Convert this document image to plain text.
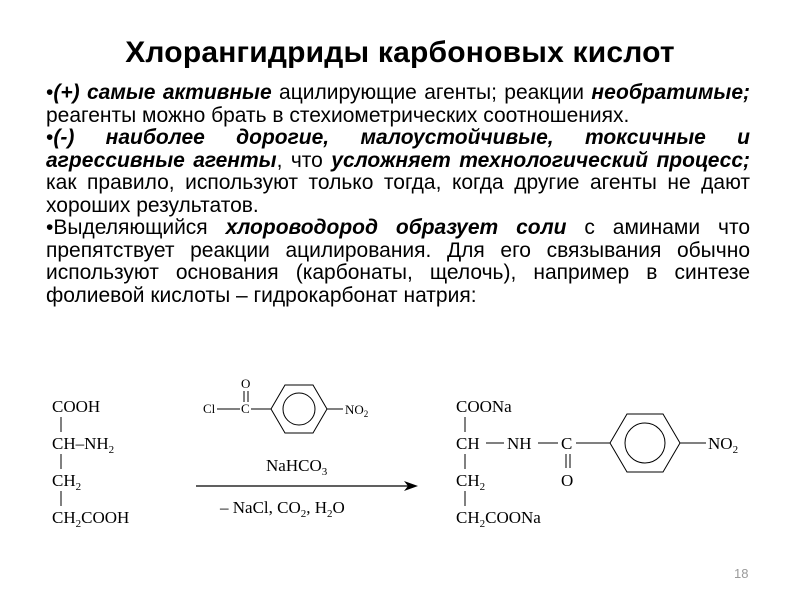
Хлорангидриды карбоновых кислот
• (+) самые активные ацилирующие агенты; реакции необратимые; реагенты можно брать в стехиометрических соотношениях.
• (-) наиболее дорогие, малоустойчивые, токсичные и агрессивные агенты, что усложняет технологический процесс; как правило, используют только тогда, когда другие агенты не дают хороших результатов.
• Выделяющийся хлороводород образует соли с аминами что препятствует реакции ацилирования. Для его связывания обычно используют основания (карбонаты, щелочь), например в синтезе фолиевой кислоты – гидрокарбонат натрия:
COOH
$CH-NH_2$
$CH_2$
$CH_2COOH$
O
Cl C	$NO_2$
NaHCO$_3$
– NaCl, $CO_2$, $H_2O$
COONa
CH NH C
O
$NO_2$
$CH_2$
$CH_2COONa$
18
